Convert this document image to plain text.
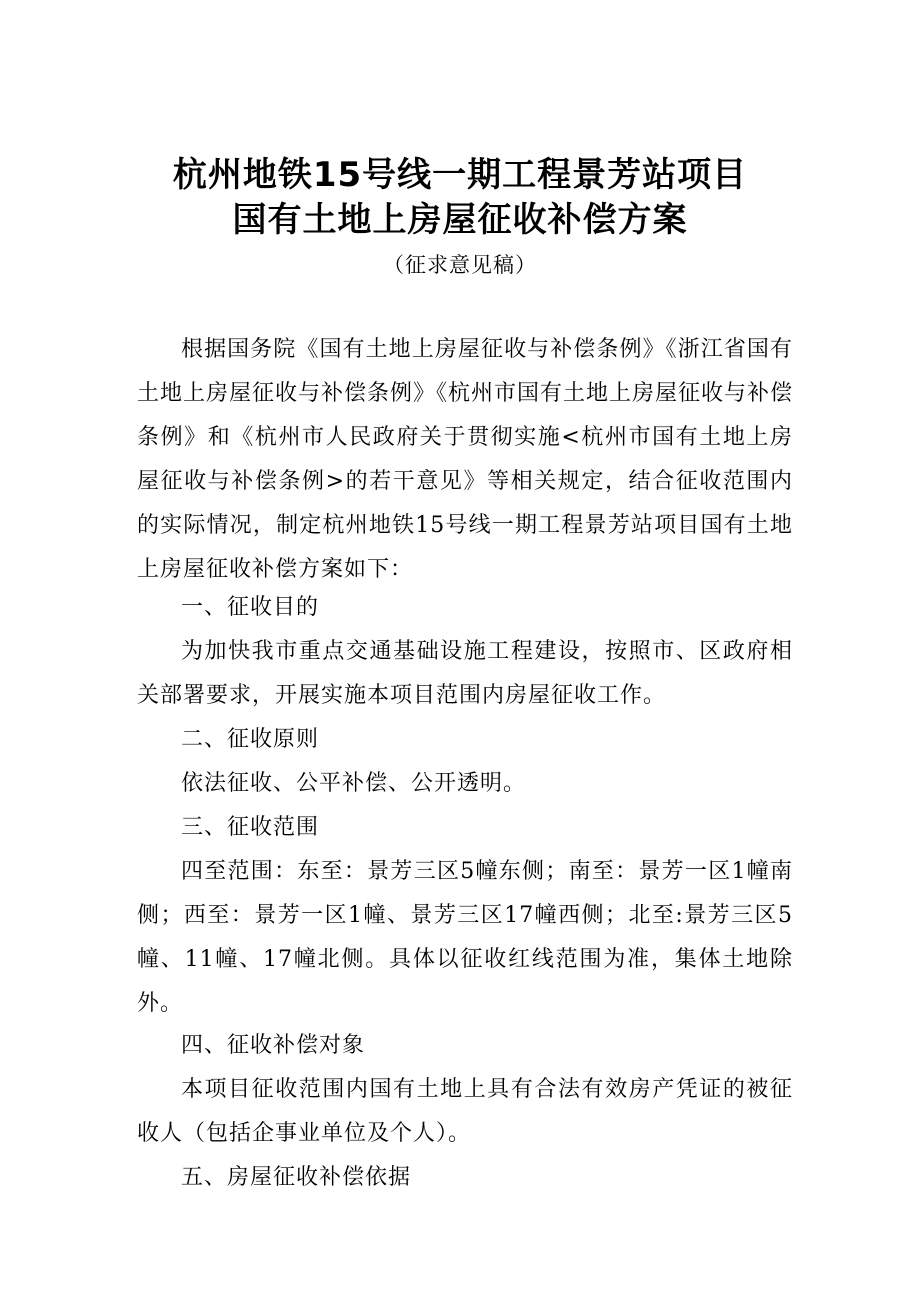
杭州地铁15号线一期工程景芳站项目
国有土地上房屋征收补偿方案
（征求意见稿）

根据国务院《国有土地上房屋征收与补偿条例》《浙江省国有土地上房屋征收与补偿条例》《杭州市国有土地上房屋征收与补偿条例》和《杭州市人民政府关于贯彻实施<杭州市国有土地上房屋征收与补偿条例>的若干意见》等相关规定，结合征收范围内的实际情况，制定杭州地铁15号线一期工程景芳站项目国有土地上房屋征收补偿方案如下：

一、征收目的

为加快我市重点交通基础设施工程建设，按照市、区政府相关部署要求，开展实施本项目范围内房屋征收工作。

二、征收原则

依法征收、公平补偿、公开透明。

三、征收范围

四至范围：东至：景芳三区5幢东侧；南至：景芳一区1幢南侧；西至：景芳一区1幢、景芳三区17幢西侧；北至:景芳三区5幢、11幢、17幢北侧。具体以征收红线范围为准，集体土地除外。

四、征收补偿对象

本项目征收范围内国有土地上具有合法有效房产凭证的被征收人（包括企事业单位及个人）。

五、房屋征收补偿依据
